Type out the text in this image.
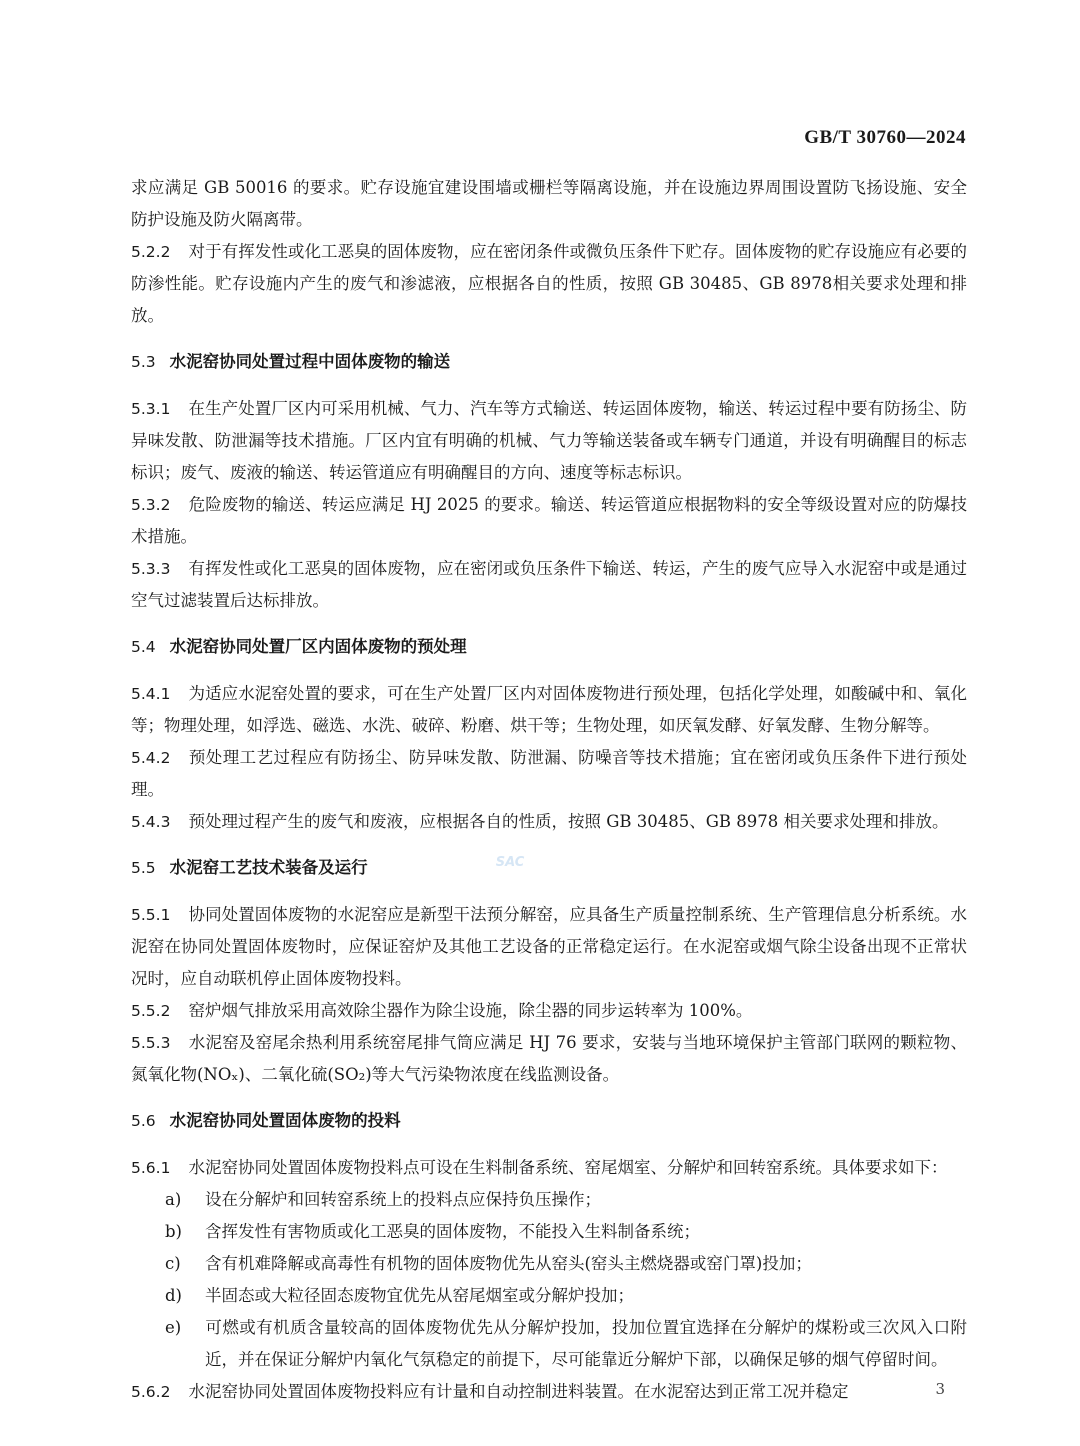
GB/T 30760—2024

求应满足 GB 50016 的要求。贮存设施宜建设围墙或栅栏等隔离设施，并在设施边界周围设置防飞扬设施、安全防护设施及防火隔离带。

5.2.2 对于有挥发性或化工恶臭的固体废物，应在密闭条件或微负压条件下贮存。固体废物的贮存设施应有必要的防渗性能。贮存设施内产生的废气和渗滤液，应根据各自的性质，按照 GB 30485、GB 8978相关要求处理和排放。

5.3 水泥窑协同处置过程中固体废物的输送

5.3.1 在生产处置厂区内可采用机械、气力、汽车等方式输送、转运固体废物，输送、转运过程中要有防扬尘、防异味发散、防泄漏等技术措施。厂区内宜有明确的机械、气力等输送装备或车辆专门通道，并设有明确醒目的标志标识；废气、废液的输送、转运管道应有明确醒目的方向、速度等标志标识。

5.3.2 危险废物的输送、转运应满足 HJ 2025 的要求。输送、转运管道应根据物料的安全等级设置对应的防爆技术措施。

5.3.3 有挥发性或化工恶臭的固体废物，应在密闭或负压条件下输送、转运，产生的废气应导入水泥窑中或是通过空气过滤装置后达标排放。

5.4 水泥窑协同处置厂区内固体废物的预处理

5.4.1 为适应水泥窑处置的要求，可在生产处置厂区内对固体废物进行预处理，包括化学处理，如酸碱中和、氧化等；物理处理，如浮选、磁选、水洗、破碎、粉磨、烘干等；生物处理，如厌氧发酵、好氧发酵、生物分解等。

5.4.2 预处理工艺过程应有防扬尘、防异味发散、防泄漏、防噪音等技术措施；宜在密闭或负压条件下进行预处理。

5.4.3 预处理过程产生的废气和废液，应根据各自的性质，按照 GB 30485、GB 8978 相关要求处理和排放。

5.5 水泥窑工艺技术装备及运行

5.5.1 协同处置固体废物的水泥窑应是新型干法预分解窑，应具备生产质量控制系统、生产管理信息分析系统。水泥窑在协同处置固体废物时，应保证窑炉及其他工艺设备的正常稳定运行。在水泥窑或烟气除尘设备出现不正常状况时，应自动联机停止固体废物投料。

5.5.2 窑炉烟气排放采用高效除尘器作为除尘设施，除尘器的同步运转率为 100%。

5.5.3 水泥窑及窑尾余热利用系统窑尾排气筒应满足 HJ 76 要求，安装与当地环境保护主管部门联网的颗粒物、氮氧化物(NOₓ)、二氧化硫(SO₂)等大气污染物浓度在线监测设备。

5.6 水泥窑协同处置固体废物的投料

5.6.1 水泥窑协同处置固体废物投料点可设在生料制备系统、窑尾烟室、分解炉和回转窑系统。具体要求如下：

a) 设在分解炉和回转窑系统上的投料点应保持负压操作；

b) 含挥发性有害物质或化工恶臭的固体废物，不能投入生料制备系统；

c) 含有机难降解或高毒性有机物的固体废物优先从窑头(窑头主燃烧器或窑门罩)投加；

d) 半固态或大粒径固态废物宜优先从窑尾烟室或分解炉投加；

e) 可燃或有机质含量较高的固体废物优先从分解炉投加，投加位置宜选择在分解炉的煤粉或三次风入口附近，并在保证分解炉内氧化气氛稳定的前提下，尽可能靠近分解炉下部，以确保足够的烟气停留时间。

5.6.2 水泥窑协同处置固体废物投料应有计量和自动控制进料装置。在水泥窑达到正常工况并稳定

SAC
3
